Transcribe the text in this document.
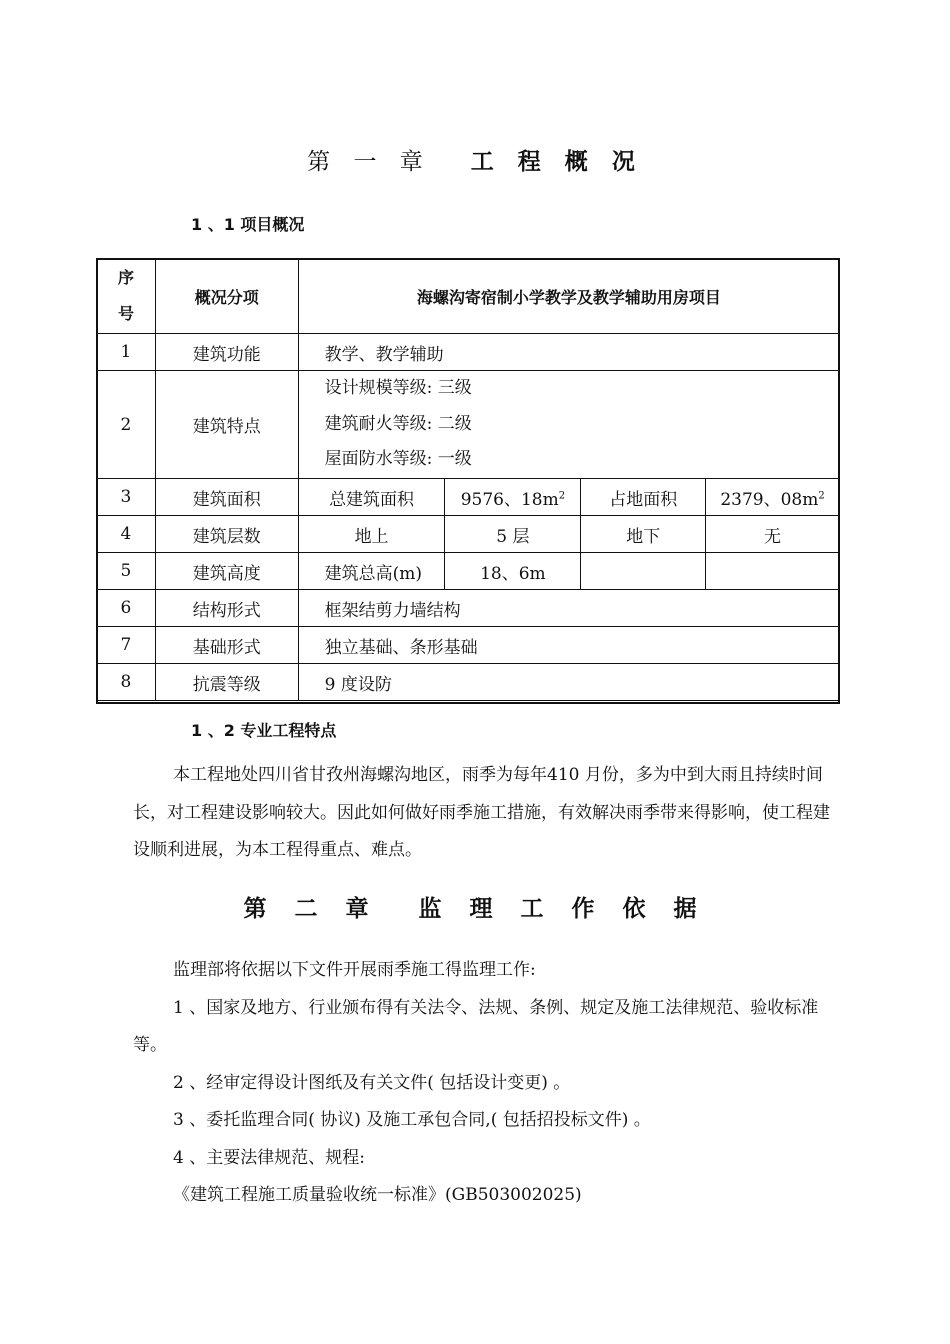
第 一 章 工 程 概 况
1 、1 项目概况
序
号	概况分项	海螺沟寄宿制小学教学及教学辅助用房项目			
1	建筑功能	教学、教学辅助			
2	建筑特点	设计规模等级: 三级
建筑耐火等级: 二级
屋面防水等级: 一级			

3	建筑面积	总建筑面积	9576、$18m^2$	占地面积	2379、$08m^2$
4	建筑层数	地上	5 层	地下	无
5	建筑高度	建筑总高(m)	18、6m		
6	结构形式	框架结剪力墙结构			
7	基础形式	独立基础、条形基础			
8	抗震等级	9 度设防			
1 、2 专业工程特点
本工程地处四川省甘孜州海螺沟地区，雨季为每年410 月份，多为中到大雨且持续时间长，对工程建设影响较大。因此如何做好雨季施工措施，有效解决雨季带来得影响，使工程建设顺利进展，为本工程得重点、难点。
第 二 章 监 理 工 作 依 据
监理部将依据以下文件开展雨季施工得监理工作:
1 、国家及地方、行业颁布得有关法令、法规、条例、规定及施工法律规范、验收标准等。
2 、经审定得设计图纸及有关文件( 包括设计变更) 。
3 、委托监理合同( 协议) 及施工承包合同,( 包括招投标文件) 。
4 、主要法律规范、规程:
《建筑工程施工质量验收统一标准》(GB503002025)
